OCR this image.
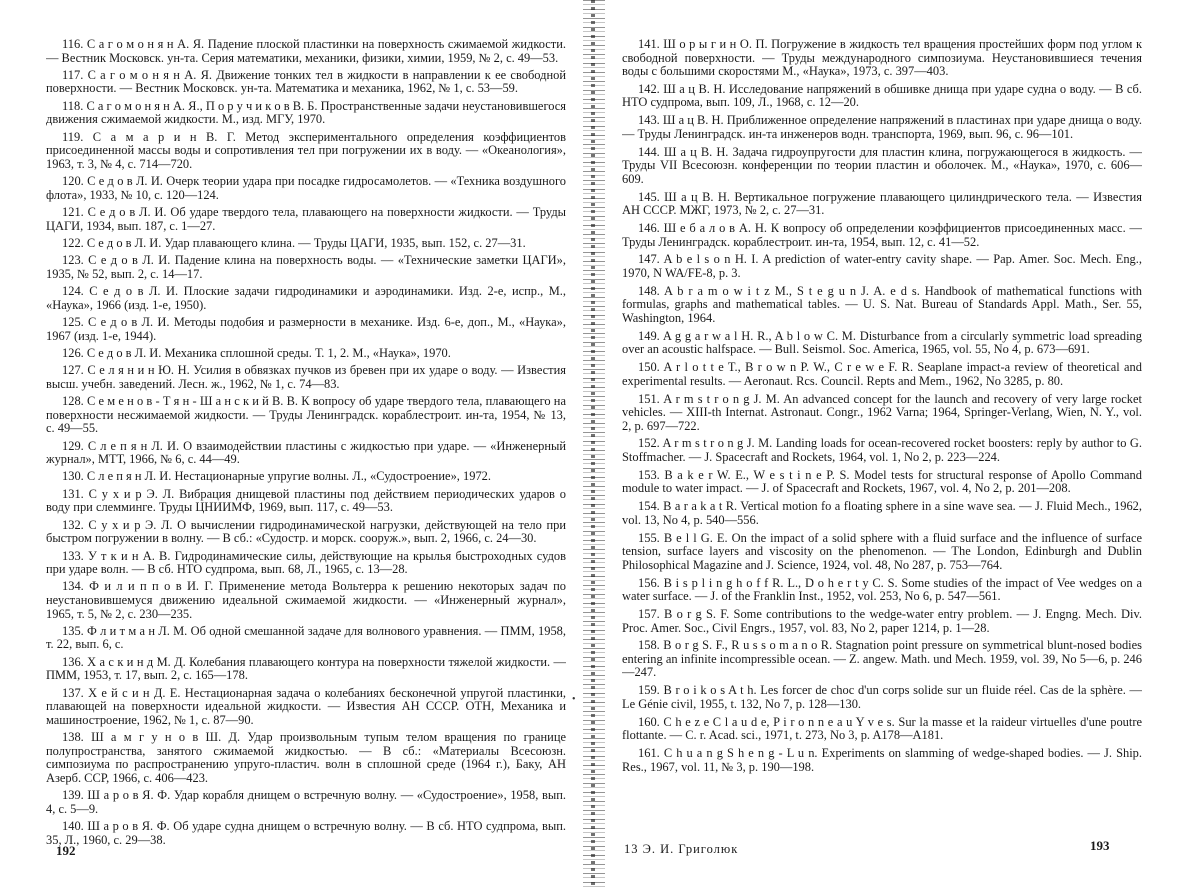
116. С а г о м о н я н А. Я. Падение плоской пластинки на поверхность сжимаемой жидкости. — Вестник Московск. ун-та. Серия математики, механики, физики, химии, 1959, № 2, с. 49—53.

117. С а г о м о н я н А. Я. Движение тонких тел в жидкости в направлении к ее свободной поверхности. — Вестник Московск. ун-та. Математика и механика, 1962, № 1, с. 53—59.

118. С а г о м о н я н А. Я., П о р у ч и к о в В. Б. Пространственные задачи неустановившегося движения сжимаемой жидкости. М., изд. МГУ, 1970.

119. С а м а р и н В. Г. Метод экспериментального определения коэффициентов присоединенной массы воды и сопротивления тел при погружении их в воду. — «Океанология», 1963, т. 3, № 4, с. 714—720.

120. С е д о в Л. И. Очерк теории удара при посадке гидросамолетов. — «Техника воздушного флота», 1933, № 10, с. 120—124.

121. С е д о в Л. И. Об ударе твердого тела, плавающего на поверхности жидкости. — Труды ЦАГИ, 1934, вып. 187, с. 1—27.

122. С е д о в Л. И. Удар плавающего клина. — Труды ЦАГИ, 1935, вып. 152, с. 27—31.

123. С е д о в Л. И. Падение клина на поверхность воды. — «Технические заметки ЦАГИ», 1935, № 52, вып. 2, с. 14—17.

124. С е д о в Л. И. Плоские задачи гидродинамики и аэродинамики. Изд. 2-е, испр., М., «Наука», 1966 (изд. 1-е, 1950).

125. С е д о в Л. И. Методы подобия и размерности в механике. Изд. 6-е, доп., М., «Наука», 1967 (изд. 1-е, 1944).

126. С е д о в Л. И. Механика сплошной среды. Т. 1, 2. М., «Наука», 1970.

127. С е л я н и н Ю. Н. Усилия в обвязках пучков из бревен при их ударе о воду. — Известия высш. учебн. заведений. Лесн. ж., 1962, № 1, с. 74—83.

128. С е м е н о в - Т я н - Ш а н с к и й В. В. К вопросу об ударе твердого тела, плавающего на поверхности несжимаемой жидкости. — Труды Ленинградск. кораблестроит. ин-та, 1954, № 13, с. 49—55.

129. С л е п я н Л. И. О взаимодействии пластины с жидкостью при ударе. — «Инженерный журнал», МТТ, 1966, № 6, с. 44—49.

130. С л е п я н Л. И. Нестационарные упругие волны. Л., «Судостроение», 1972.

131. С у х и р Э. Л. Вибрация днищевой пластины под действием периодических ударов о воду при слемминге. Труды ЦНИИМФ, 1969, вып. 117, с. 49—53.

132. С у х и р Э. Л. О вычислении гидродинамической нагрузки, действующей на тело при быстром погружении в волну. — В сб.: «Судостр. и морск. сооруж.», вып. 2, 1966, с. 24—30.

133. У т к и н А. В. Гидродинамические силы, действующие на крылья быстроходных судов при ударе волн. — В сб. НТО судпрома, вып. 68, Л., 1965, с. 13—28.

134. Ф и л и п п о в И. Г. Применение метода Вольтерра к решению некоторых задач по неустановившемуся движению идеальной сжимаемой жидкости. — «Инженерный журнал», 1965, т. 5, № 2, с. 230—235.

135. Ф л и т м а н Л. М. Об одной смешанной задаче для волнового уравнения. — ПММ, 1958, т. 22, вып. 6, с.

136. Х а с к и н д М. Д. Колебания плавающего контура на поверхности тяжелой жидкости. — ПММ, 1953, т. 17, вып. 2, с. 165—178.

137. Х е й с и н Д. Е. Нестационарная задача о колебаниях бесконечной упругой пластинки, плавающей на поверхности идеальной жидкости. — Известия АН СССР. ОТН, Механика и машиностроение, 1962, № 1, с. 87—90.

138. Ш а м г у н о в Ш. Д. Удар произвольным тупым телом вращения по границе полупространства, занятого сжимаемой жидкостью. — В сб.: «Материалы Всесоюзн. симпозиума по распространению упруго-пластич. волн в сплошной среде (1964 г.), Баку, АН Азерб. ССР, 1966, с. 406—423.

139. Ш а р о в Я. Ф. Удар корабля днищем о встречную волну. — «Судостроение», 1958, вып. 4, с. 5—9.

140. Ш а р о в Я. Ф. Об ударе судна днищем о встречную волну. — В сб. НТО судпрома, вып. 35, Л., 1960, с. 29—38.

•

141. Ш о р ы г и н О. П. Погружение в жидкость тел вращения простейших форм под углом к свободной поверхности. — Труды международного симпозиума. Неустановившиеся течения воды с большими скоростями М., «Наука», 1973, с. 397—403.

142. Ш а ц В. Н. Исследование напряжений в обшивке днища при ударе судна о воду. — В сб. НТО судпрома, вып. 109, Л., 1968, с. 12—20.

143. Ш а ц В. Н. Приближенное определение напряжений в пластинах при ударе днища о воду. — Труды Ленинградск. ин-та инженеров водн. транспорта, 1969, вып. 96, с. 96—101.

144. Ш а ц В. Н. Задача гидроупругости для пластин клина, погружающегося в жидкость. — Труды VII Всесоюзн. конференции по теории пластин и оболочек. М., «Наука», 1970, с. 606—609.

145. Ш а ц В. Н. Вертикальное погружение плавающего цилиндрического тела. — Известия АН СССР. МЖГ, 1973, № 2, с. 27—31.

146. Ш е б а л о в А. Н. К вопросу об определении коэффициентов присоединенных масс. — Труды Ленинградск. кораблестроит. ин-та, 1954, вып. 12, с. 41—52.

147. A b e l s o n H. I. A prediction of water-entry cavity shape. — Pap. Amer. Soc. Mech. Eng., 1970, N WA/FE-8, p. 3.

148. A b r a m o w i t z M., S t e g u n J. A. e d s. Handbook of mathematical functions with formulas, graphs and mathematical tables. — U. S. Nat. Bureau of Standards Appl. Math., Ser. 55, Washington, 1964.

149. A g g a r w a l H. R., A b l o w C. M. Disturbance from a circularly symmetric load spreading over an acoustic halfspace. — Bull. Seismol. Soc. America, 1965, vol. 55, No 4, p. 673—691.

150. A r l o t t e T., B r o w n P. W., C r e w e F. R. Seaplane impact-a review of theoretical and experimental results. — Aeronaut. Rcs. Council. Repts and Mem., 1962, No 3285, p. 80.

151. A r m s t r o n g J. M. An advanced concept for the launch and recovery of very large rocket vehicles. — XIII-th Internat. Astronaut. Congr., 1962 Varna; 1964, Springer-Verlang, Wien, N. Y., vol. 2, p. 697—722.

152. A r m s t r o n g J. M. Landing loads for ocean-recovered rocket boosters: reply by author to G. Stoffmacher. — J. Spacecraft and Rockets, 1964, vol. 1, No 2, p. 223—224.

153. B a k e r W. E., W e s t i n e P. S. Model tests for structural response of Apollo Command module to water impact. — J. of Spacecraft and Rockets, 1967, vol. 4, No 2, p. 201—208.

154. B a r a k a t R. Vertical motion fo a floating sphere in a sine wave sea. — J. Fluid Mech., 1962, vol. 13, No 4, p. 540—556.

155. B e l l G. E. On the impact of a solid sphere with a fluid surface and the influence of surface tension, surface layers and viscosity on the phenomenon. — The London, Edinburgh and Dublin Philosophical Magazine and J. Science, 1924, vol. 48, No 287, p. 753—764.

156. B i s p l i n g h o f f R. L., D o h e r t y C. S. Some studies of the impact of Vee wedges on a water surface. — J. of the Franklin Inst., 1952, vol. 253, No 6, p. 547—561.

157. B o r g S. F. Some contributions to the wedge-water entry problem. — J. Engng. Mech. Div. Proc. Amer. Soc., Civil Engrs., 1957, vol. 83, No 2, paper 1214, p. 1—28.

158. B o r g S. F., R u s s o m a n o R. Stagnation point pressure on symmetrical blunt-nosed bodies entering an infinite incompressible ocean. — Z. angew. Math. und Mech. 1959, vol. 39, No 5—6, p. 246—247.

159. B r o i k o s A t h. Les forcer de choc d'un corps solide sur un fluide réel. Cas de la sphère. — Le Génie civil, 1955, t. 132, No 7, p. 128—130.

160. C h e z e C l a u d e, P i r o n n e a u Y v e s. Sur la masse et la raideur virtuelles d'une poutre flottante. — C. r. Acad. sci., 1971, t. 273, No 3, p. A178—A181.

161. C h u a n g S h e n g - L u n. Experiments on slamming of wedge-shaped bodies. — J. Ship. Res., 1967, vol. 11, № 3, p. 190—198.

192	13 Э. И. Григолюк	193
